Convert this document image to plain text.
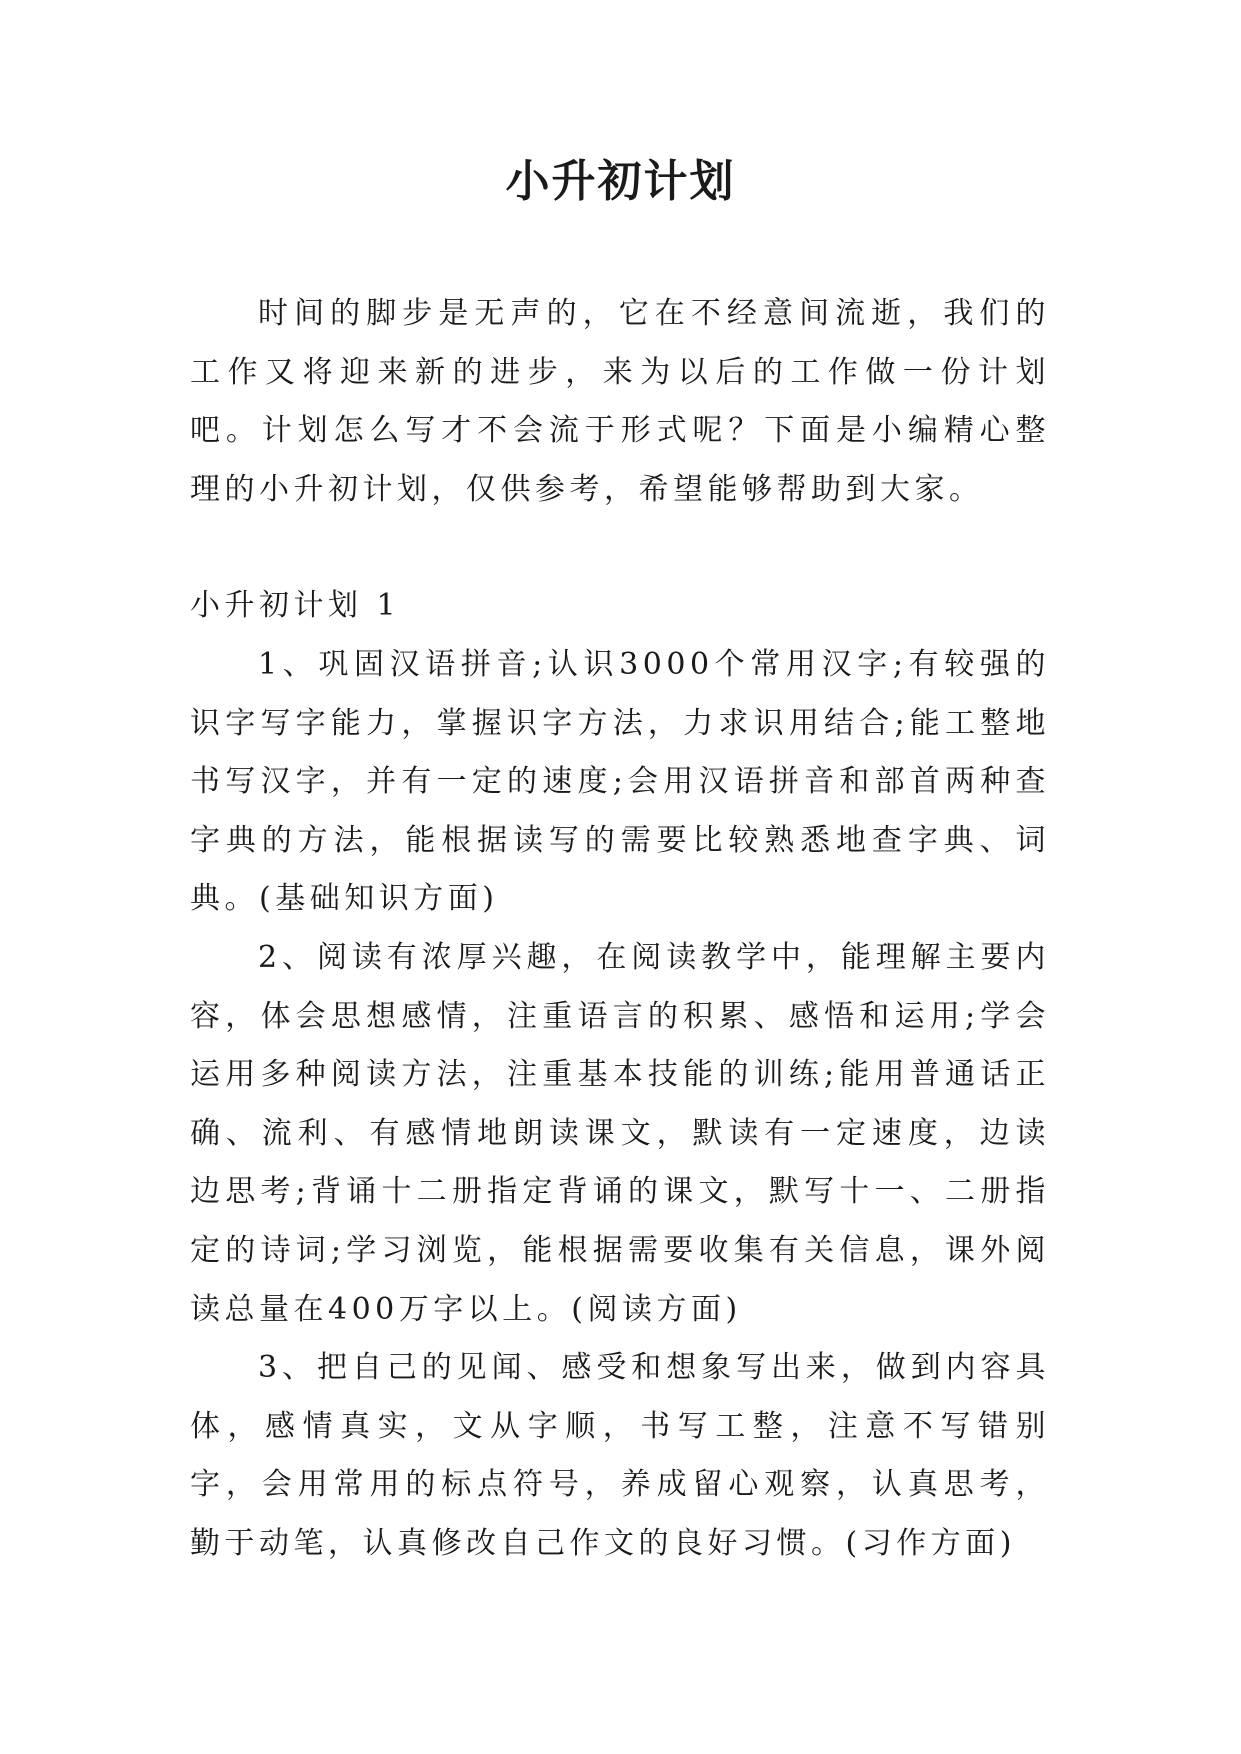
小升初计划

时间的脚步是无声的，它在不经意间流逝，我们的工作又将迎来新的进步，来为以后的工作做一份计划吧。计划怎么写才不会流于形式呢？下面是小编精心整理的小升初计划，仅供参考，希望能够帮助到大家。

小升初计划 1

1、巩固汉语拼音;认识3000个常用汉字;有较强的识字写字能力，掌握识字方法，力求识用结合;能工整地书写汉字，并有一定的速度;会用汉语拼音和部首两种查字典的方法，能根据读写的需要比较熟悉地查字典、词典。(基础知识方面)

2、阅读有浓厚兴趣，在阅读教学中，能理解主要内容，体会思想感情，注重语言的积累、感悟和运用;学会运用多种阅读方法，注重基本技能的训练;能用普通话正确、流利、有感情地朗读课文，默读有一定速度，边读边思考;背诵十二册指定背诵的课文，默写十一、二册指定的诗词;学习浏览，能根据需要收集有关信息，课外阅读总量在400万字以上。(阅读方面)

3、把自己的见闻、感受和想象写出来，做到内容具体，感情真实，文从字顺，书写工整，注意不写错别字，会用常用的标点符号，养成留心观察，认真思考，勤于动笔，认真修改自己作文的良好习惯。(习作方面)
